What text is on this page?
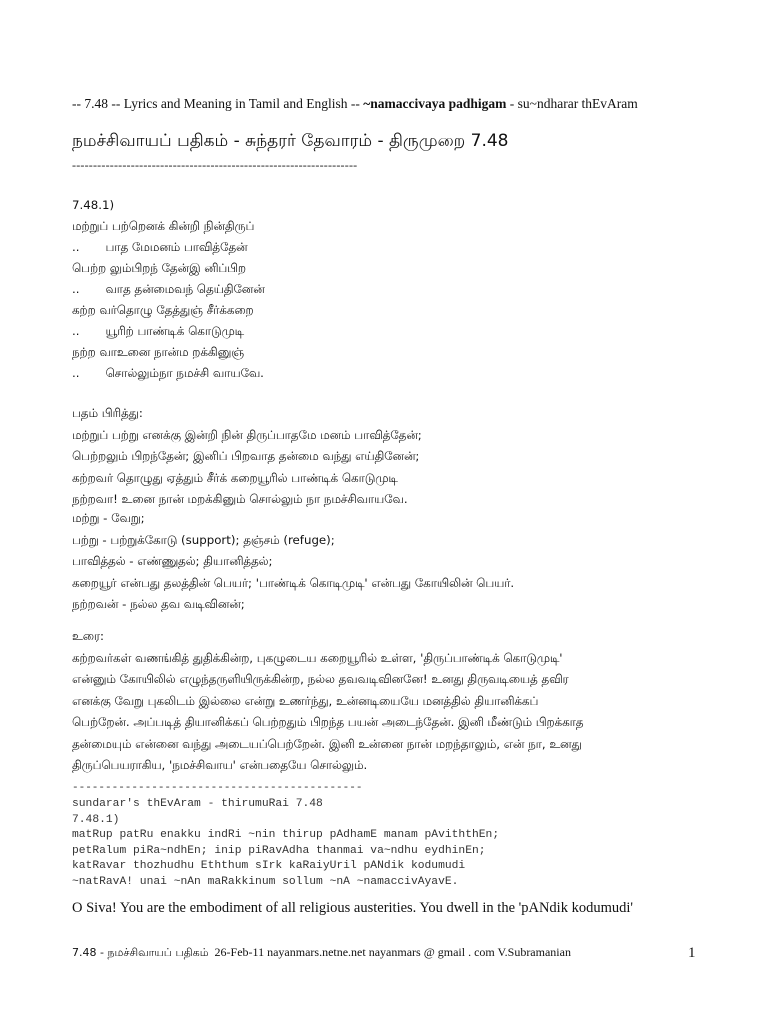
-- 7.48 -- Lyrics and Meaning in Tamil and English -- ~namaccivaya padhigam - su~ndharar thEvAram
நமச்சிவாயப் பதிகம் - சுந்தரர் தேவாரம் - திருமுறை 7.48
--------------------------------------------------------------------
7.48.1)
மற்றுப் பற்றெனக் கின்றி நின்திருப்
.. பாத மேமனம் பாவித்தேன்
பெற்ற லும்பிறந் தேன்இ னிப்பிற
.. வாத தன்மைவந் தெய்தினேன்
கற்ற வர்தொழு தேத்துஞ் சீர்க்கறை
.. யூரிற் பாண்டிக் கொடுமுடி
நற்ற வாஉனை நான்ம றக்கினுஞ்
.. சொல்லும்நா நமச்சி வாயவே.
பதம் பிரித்து:
மற்றுப் பற்று எனக்கு இன்றி நின் திருப்பாதமே மனம் பாவித்தேன்;
பெற்றலும் பிறந்தேன்; இனிப் பிறவாத தன்மை வந்து எய்தினேன்;
கற்றவர் தொழுது ஏத்தும் சீர்க் கறையூரில் பாண்டிக் கொடுமுடி
நற்றவா! உனை நான் மறக்கினும் சொல்லும் நா நமச்சிவாயவே.
மற்று - வேறு;
பற்று - பற்றுக்கோடு (support); தஞ்சம் (refuge);
பாவித்தல் - எண்ணுதல்; தியானித்தல்;
கறையூர் என்பது தலத்தின் பெயர்; 'பாண்டிக் கொடிமுடி' என்பது கோயிலின் பெயர்.
நற்றவன் - நல்ல தவ வடிவினன்;
உரை:
கற்றவர்கள் வணங்கித் துதிக்கின்ற, புகழுடைய கறையூரில் உள்ள, 'திருப்பாண்டிக் கொடுமுடி'
என்னும் கோயிலில் எழுந்தருளியிருக்கின்ற, நல்ல தவவடிவினனே! உனது திருவடியைத் தவிர
எனக்கு வேறு புகலிடம் இல்லை என்று உணர்ந்து, உன்னடியையே மனத்தில் தியானிக்கப்
பெற்றேன். அப்படித் தியானிக்கப் பெற்றதும் பிறந்த பயன் அடைந்தேன். இனி மீண்டும் பிறக்காத
தன்மையும் என்னை வந்து அடையப்பெற்றேன். இனி உன்னை நான் மறந்தாலும், என் நா, உனது
திருப்பெயராகிய, 'நமச்சிவாய' என்பதையே சொல்லும்.
--------------------------------------------
sundarar's thEvAram - thirumuRai 7.48
7.48.1)
matRup patRu enakku indRi ~nin thirup pAdhamE manam pAviththEn;
petRalum piRa~ndhEn; inip piRavAdha thanmai va~ndhu eydhinEn;
katRavar thozhudhu Eththum sIrk kaRaiyUril pANdik kodumudi
~natRavA! unai ~nAn maRakkinum sollum ~nA ~namaccivAyavE.
O Siva! You are the embodiment of all religious austerities. You dwell in the 'pANdik kodumudi'
7.48 - நமச்சிவாயப் பதிகம் 26-Feb-11 nayanmars.netne.net nayanmars @ gmail . com V.Subramanian	1
